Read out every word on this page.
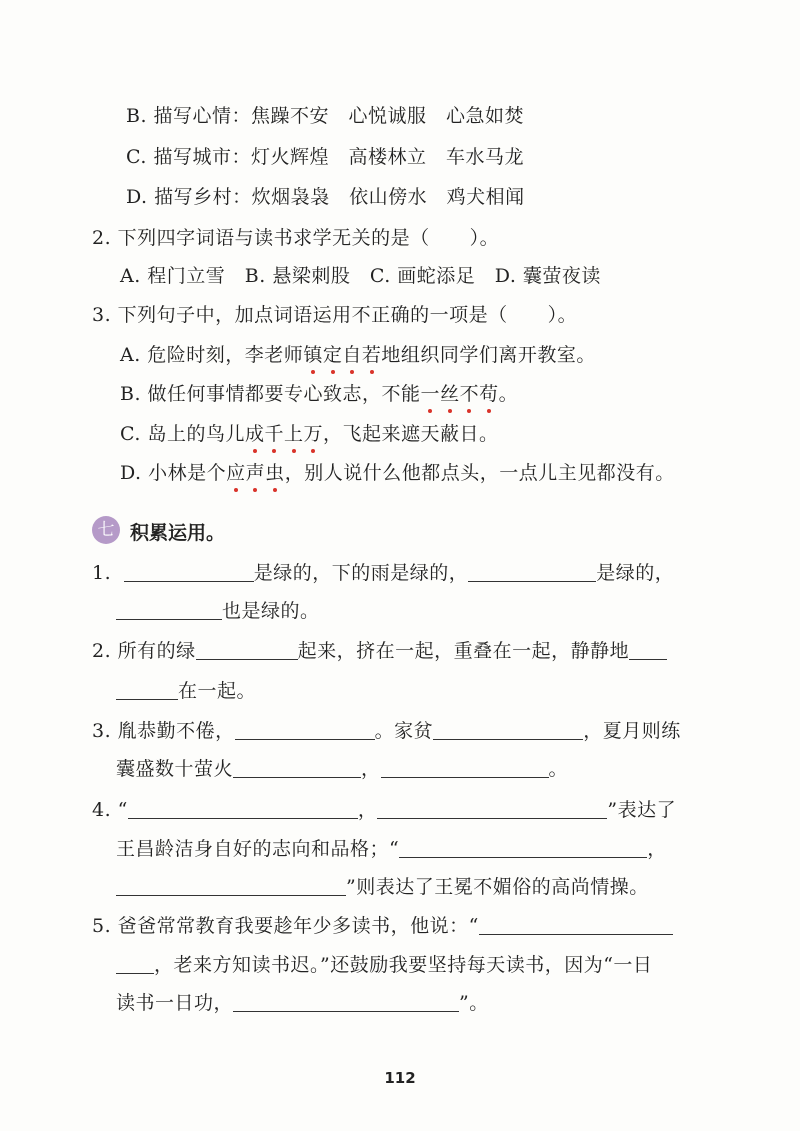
B. 描写心情：焦躁不安　心悦诚服　心急如焚
C. 描写城市：灯火辉煌　高楼林立　车水马龙
D. 描写乡村：炊烟袅袅　依山傍水　鸡犬相闻
2. 下列四字词语与读书求学无关的是（ ）。
A. 程门立雪　B. 悬梁刺股　C. 画蛇添足　D. 囊萤夜读
3. 下列句子中，加点词语运用不正确的一项是（ ）。
A. 危险时刻，李老师镇定自若地组织同学们离开教室。
B. 做任何事情都要专心致志，不能一丝不苟。
C. 岛上的鸟儿成千上万，飞起来遮天蔽日。
D. 小林是个应声虫，别人说什么他都点头，一点儿主见都没有。
七 积累运用。
1.	是绿的，下的雨是绿的，	是绿的，
也是绿的。
2. 所有的绿	起来，挤在一起，重叠在一起，静静地
在一起。
3. 胤恭勤不倦，	。家贫	，夏月则练
囊盛数十萤火	，	。
4. “	，	”表达了
王昌龄洁身自好的志向和品格；“	，
”则表达了王冕不媚俗的高尚情操。
5. 爸爸常常教育我要趁年少多读书，他说：“
，老来方知读书迟。”还鼓励我要坚持每天读书，因为“一日
读书一日功，	”。
112
